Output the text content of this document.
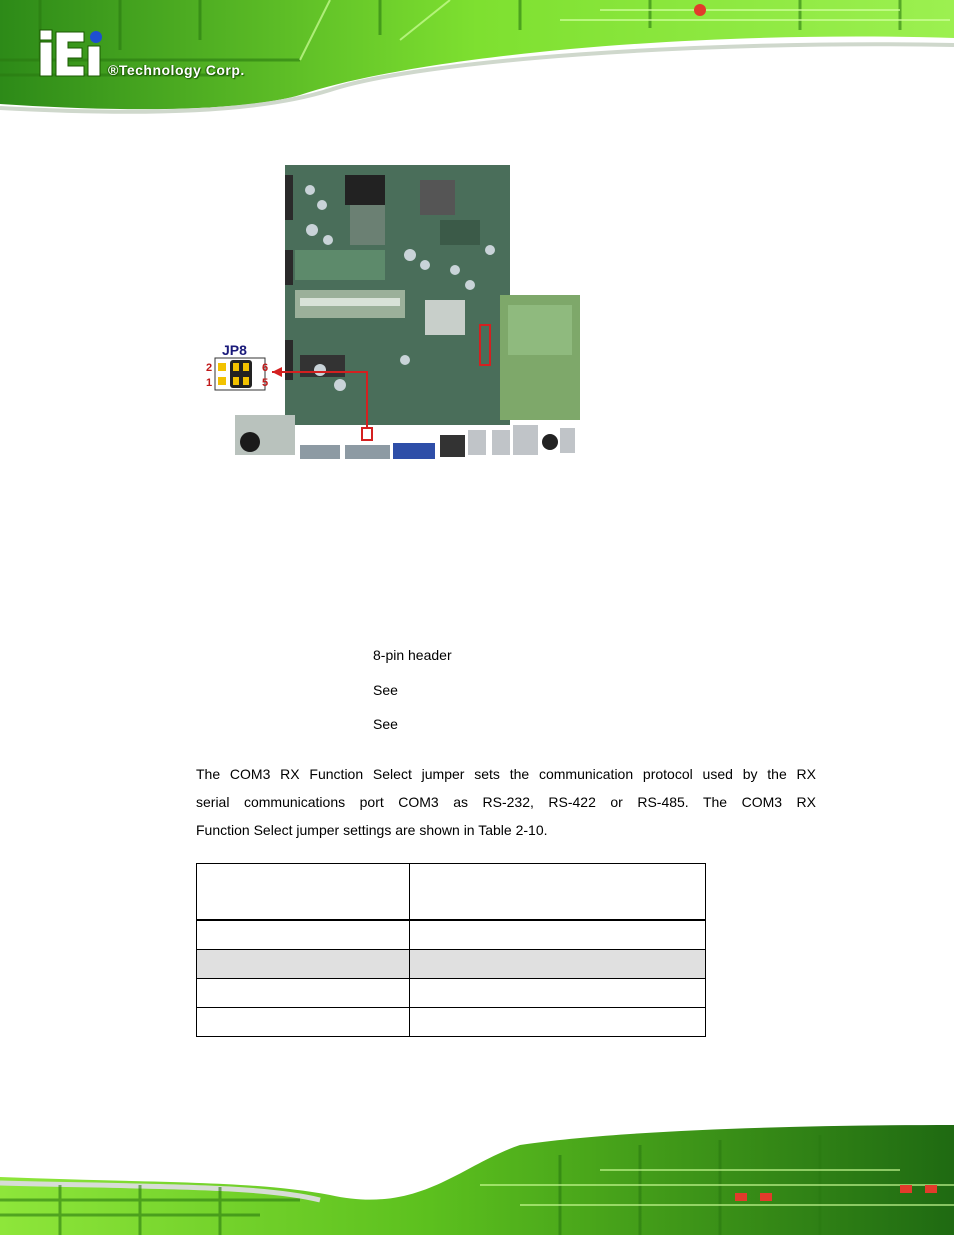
®Technology Corp.
JP8
2	6
1	5
8-pin header
See
See
The COM3 RX Function Select jumper sets the communication protocol used by the RX
serial communications port COM3 as RS-232, RS-422 or RS-485. The COM3 RX
Function Select jumper settings are shown in Table 2-10.
